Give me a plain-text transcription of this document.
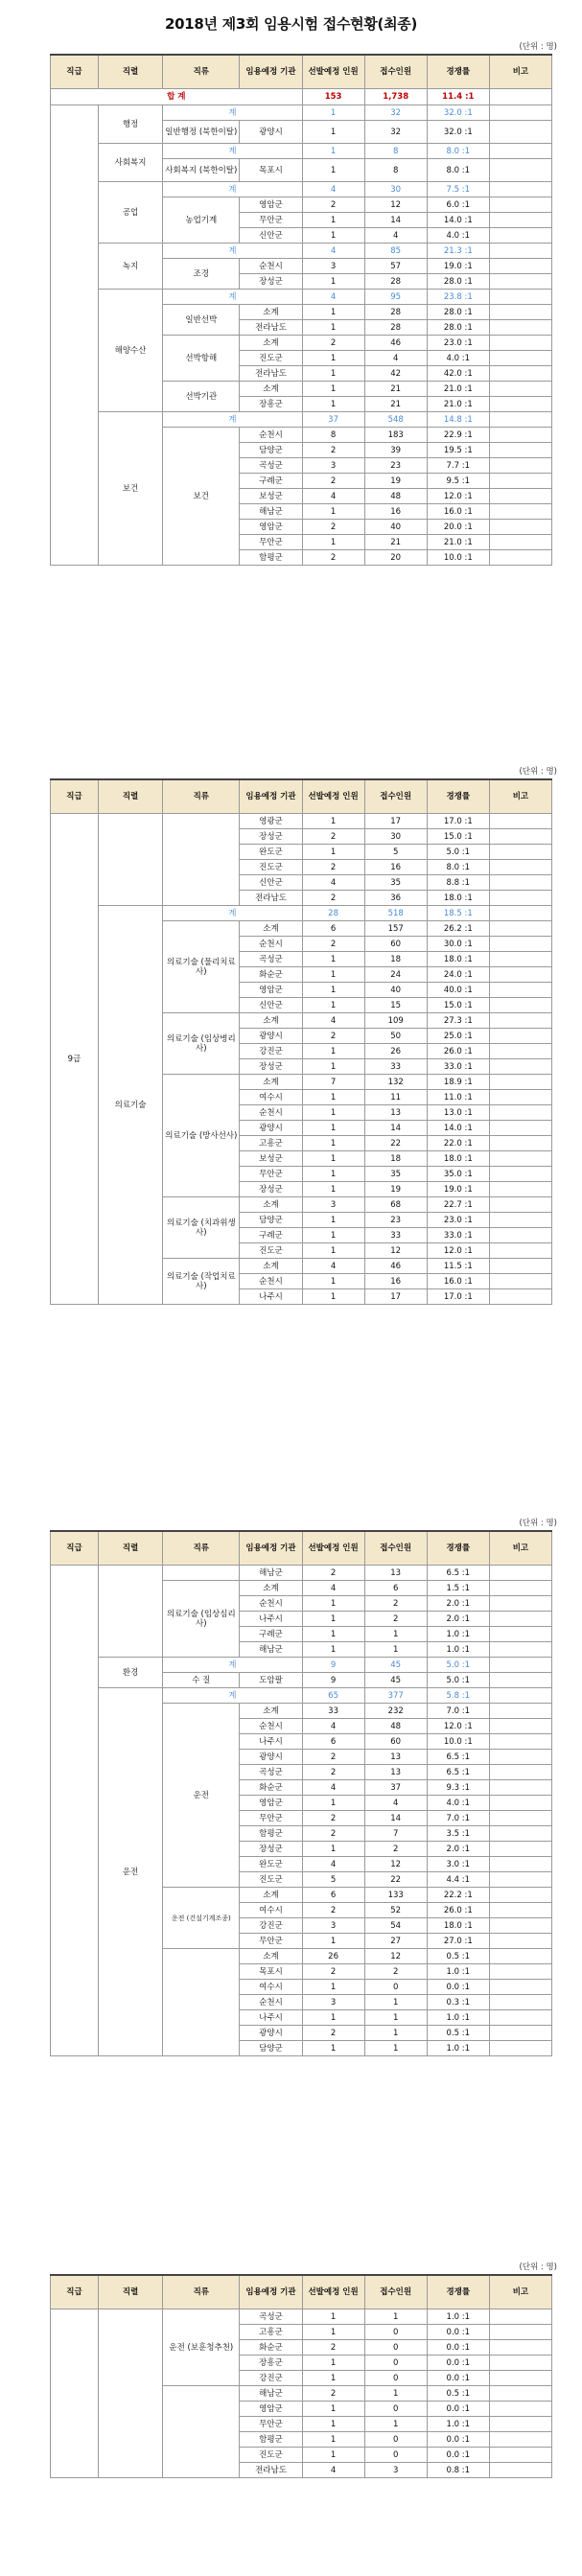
2018년 제3회 임용시험 접수현황(최종)
(단위 : 명)
직급	직렬	직류	임용예정 기관	선발예정 인원	접수인원	경쟁률	비고
합 계				153	1,738	11.4 :1	
	행정	계		1	32	32.0 :1	
		일반행정 (북한이탈)	광양시	1	32	32.0 :1	
	사회복지	계		1	8	8.0 :1	
		사회복지 (북한이탈)	목포시	1	8	8.0 :1	
	공업	계		4	30	7.5 :1	
		농업기계	영암군	2	12	6.0 :1	
			무안군	1	14	14.0 :1	
			신안군	1	4	4.0 :1	
	녹지	계		4	85	21.3 :1	
		조경	순천시	3	57	19.0 :1	
			장성군	1	28	28.0 :1	
	해양수산	계		4	95	23.8 :1	
		일반선박	소계	1	28	28.0 :1	
			전라남도	1	28	28.0 :1	
		선박항해	소계	2	46	23.0 :1	
			진도군	1	4	4.0 :1	
			전라남도	1	42	42.0 :1	
		선박기관	소계	1	21	21.0 :1	
			장흥군	1	21	21.0 :1	
	보건	계		37	548	14.8 :1	
		보건	순천시	8	183	22.9 :1	
			담양군	2	39	19.5 :1	
			곡성군	3	23	7.7 :1	
			구례군	2	19	9.5 :1	
			보성군	4	48	12.0 :1	
			해남군	1	16	16.0 :1	
			영암군	2	40	20.0 :1	
			무안군	1	21	21.0 :1	
			함평군	2	20	10.0 :1	
(단위 : 명)
직급	직렬	직류	임용예정 기관	선발예정 인원	접수인원	경쟁률	비고
9급			영광군	1	17	17.0 :1	
			장성군	2	30	15.0 :1	
			완도군	1	5	5.0 :1	
			진도군	2	16	8.0 :1	
			신안군	4	35	8.8 :1	
			전라남도	2	36	18.0 :1	
	의료기술	계		28	518	18.5 :1	
		의료기술 (물리치료사)	소계	6	157	26.2 :1	
			순천시	2	60	30.0 :1	
			곡성군	1	18	18.0 :1	
			화순군	1	24	24.0 :1	
			영암군	1	40	40.0 :1	
			신안군	1	15	15.0 :1	
		의료기술 (임상병리사)	소계	4	109	27.3 :1	
			광양시	2	50	25.0 :1	
			강진군	1	26	26.0 :1	
			장성군	1	33	33.0 :1	
		의료기술 (방사선사)	소계	7	132	18.9 :1	
			여수시	1	11	11.0 :1	
			순천시	1	13	13.0 :1	
			광양시	1	14	14.0 :1	
			고흥군	1	22	22.0 :1	
			보성군	1	18	18.0 :1	
			무안군	1	35	35.0 :1	
			장성군	1	19	19.0 :1	
		의료기술 (치과위생사)	소계	3	68	22.7 :1	
			담양군	1	23	23.0 :1	
			구례군	1	33	33.0 :1	
			진도군	1	12	12.0 :1	
		의료기술 (작업치료사)	소계	4	46	11.5 :1	
			순천시	1	16	16.0 :1	
			나주시	1	17	17.0 :1	
(단위 : 명)
직급	직렬	직류	임용예정 기관	선발예정 인원	접수인원	경쟁률	비고
			해남군	2	13	6.5 :1	
		의료기술 (임상심리사)	소계	4	6	1.5 :1	
			순천시	1	2	2.0 :1	
			나주시	1	2	2.0 :1	
			구례군	1	1	1.0 :1	
			해남군	1	1	1.0 :1	
	환경	계		9	45	5.0 :1	
		수 질	도암팔	9	45	5.0 :1	
	운전	계		65	377	5.8 :1	
		운전	소계	33	232	7.0 :1	
			순천시	4	48	12.0 :1	
			나주시	6	60	10.0 :1	
			광양시	2	13	6.5 :1	
			곡성군	2	13	6.5 :1	
			화순군	4	37	9.3 :1	
			영암군	1	4	4.0 :1	
			무안군	2	14	7.0 :1	
			함평군	2	7	3.5 :1	
			장성군	1	2	2.0 :1	
			완도군	4	12	3.0 :1	
			진도군	5	22	4.4 :1	
		운전 (건설기계조종)	소계	6	133	22.2 :1	
			여수시	2	52	26.0 :1	
			강진군	3	54	18.0 :1	
			무안군	1	27	27.0 :1	
			소계	26	12	0.5 :1	
			목포시	2	2	1.0 :1	
			여수시	1	0	0.0 :1	
			순천시	3	1	0.3 :1	
			나주시	1	1	1.0 :1	
			광양시	2	1	0.5 :1	
			담양군	1	1	1.0 :1	
(단위 : 명)
직급	직렬	직류	임용예정 기관	선발예정 인원	접수인원	경쟁률	비고
		운전 (보훈청추천)	곡성군	1	1	1.0 :1	
			고흥군	1	0	0.0 :1	
			화순군	2	0	0.0 :1	
			장흥군	1	0	0.0 :1	
			강진군	1	0	0.0 :1	
			해남군	2	1	0.5 :1	
			영암군	1	0	0.0 :1	
			무안군	1	1	1.0 :1	
			함평군	1	0	0.0 :1	
			진도군	1	0	0.0 :1	
			전라남도	4	3	0.8 :1	
